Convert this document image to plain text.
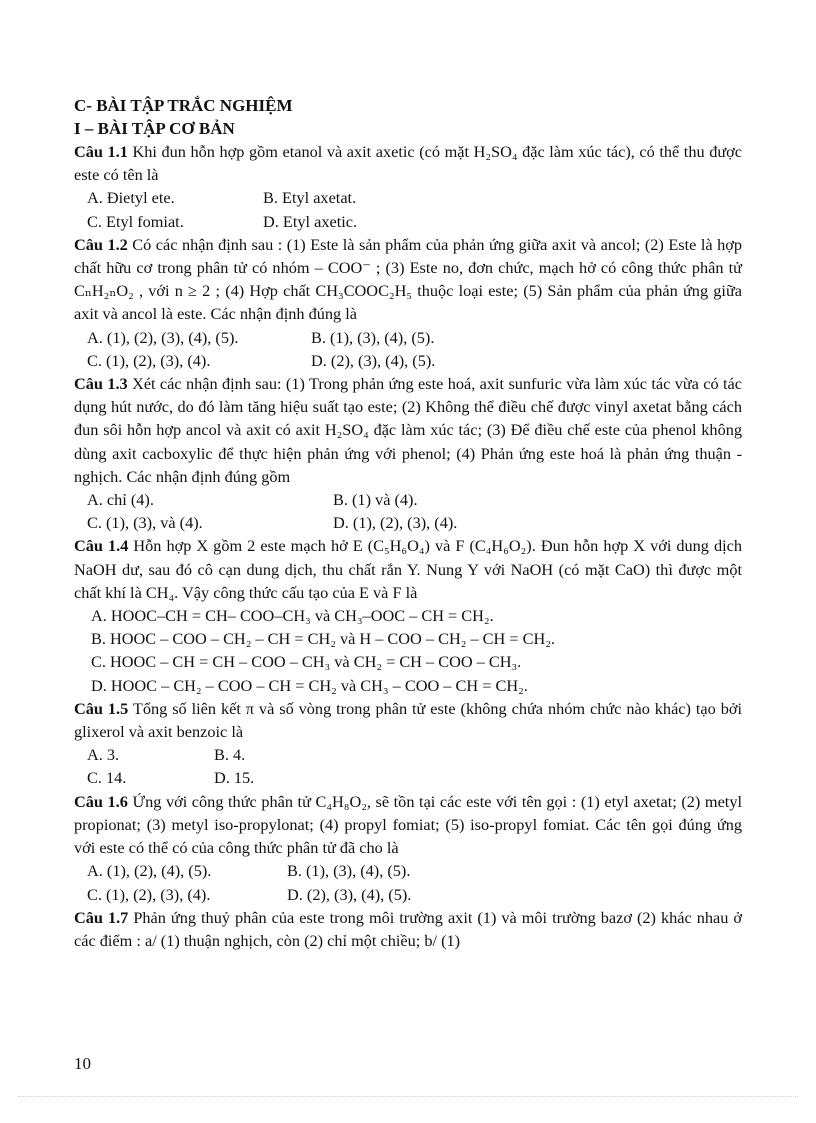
C- BÀI TẬP TRẮC NGHIỆM
I – BÀI TẬP CƠ BẢN

Câu 1.1 Khi đun hỗn hợp gồm etanol và axit axetic (có mặt H₂SO₄ đặc làm xúc tác), có thể thu được este có tên là

A. Đietyl ete.	B. Etyl axetat.
C. Etyl fomiat.	D. Etyl axetic.

Câu 1.2 Có các nhận định sau : (1) Este là sản phẩm của phản ứng giữa axit và ancol; (2) Este là hợp chất hữu cơ trong phân tử có nhóm – COO⁻ ; (3) Este no, đơn chức, mạch hở có công thức phân tử CₙH₂ₙO₂ , với n ≥ 2 ; (4) Hợp chất CH₃COOC₂H₅ thuộc loại este; (5) Sản phẩm của phản ứng giữa axit và ancol là este. Các nhận định đúng là

A. (1), (2), (3), (4), (5).	B. (1), (3), (4), (5).
C. (1), (2), (3), (4).	D. (2), (3), (4), (5).

Câu 1.3 Xét các nhận định sau: (1) Trong phản ứng este hoá, axit sunfuric vừa làm xúc tác vừa có tác dụng hút nước, do đó làm tăng hiệu suất tạo este; (2) Không thể điều chế được vinyl axetat bằng cách đun sôi hỗn hợp ancol và axit có axit H₂SO₄ đặc làm xúc tác; (3) Để điều chế este của phenol không dùng axit cacboxylic để thực hiện phản ứng với phenol; (4) Phản ứng este hoá là phản ứng thuận - nghịch. Các nhận định đúng gồm

A. chỉ (4).	B. (1) và (4).
C. (1), (3), và (4).	D. (1), (2), (3), (4).

Câu 1.4 Hỗn hợp X gồm 2 este mạch hở E (C₅H₆O₄) và F (C₄H₆O₂). Đun hỗn hợp X với dung dịch NaOH dư, sau đó cô cạn dung dịch, thu chất rắn Y. Nung Y với NaOH (có mặt CaO) thì được một chất khí là CH₄. Vậy công thức cấu tạo của E và F là

A. HOOC–CH = CH– COO–CH₃ và CH₃–OOC – CH = CH₂.
B. HOOC – COO – CH₂ – CH = CH₂ và H – COO – CH₂ – CH = CH₂.
C. HOOC – CH = CH – COO – CH₃ và CH₂ = CH – COO – CH₃.
D. HOOC – CH₂ – COO – CH = CH₂ và CH₃ – COO – CH = CH₂.

Câu 1.5 Tổng số liên kết π và số vòng trong phân tử este (không chứa nhóm chức nào khác) tạo bởi glixerol và axit benzoic là

A. 3.	B. 4.
C. 14.	D. 15.

Câu 1.6 Ứng với công thức phân tử C₄H₈O₂, sẽ tồn tại các este với tên gọi : (1) etyl axetat; (2) metyl propionat; (3) metyl iso-propylonat; (4) propyl fomiat; (5) iso-propyl fomiat. Các tên gọi đúng ứng với este có thể có của công thức phân tử đã cho là

A. (1), (2), (4), (5).	B. (1), (3), (4), (5).
C. (1), (2), (3), (4).	D. (2), (3), (4), (5).

Câu 1.7 Phản ứng thuỷ phân của este trong môi trường axit (1) và môi trường bazơ (2) khác nhau ở các điểm : a/ (1) thuận nghịch, còn (2) chỉ một chiều; b/ (1)

10
